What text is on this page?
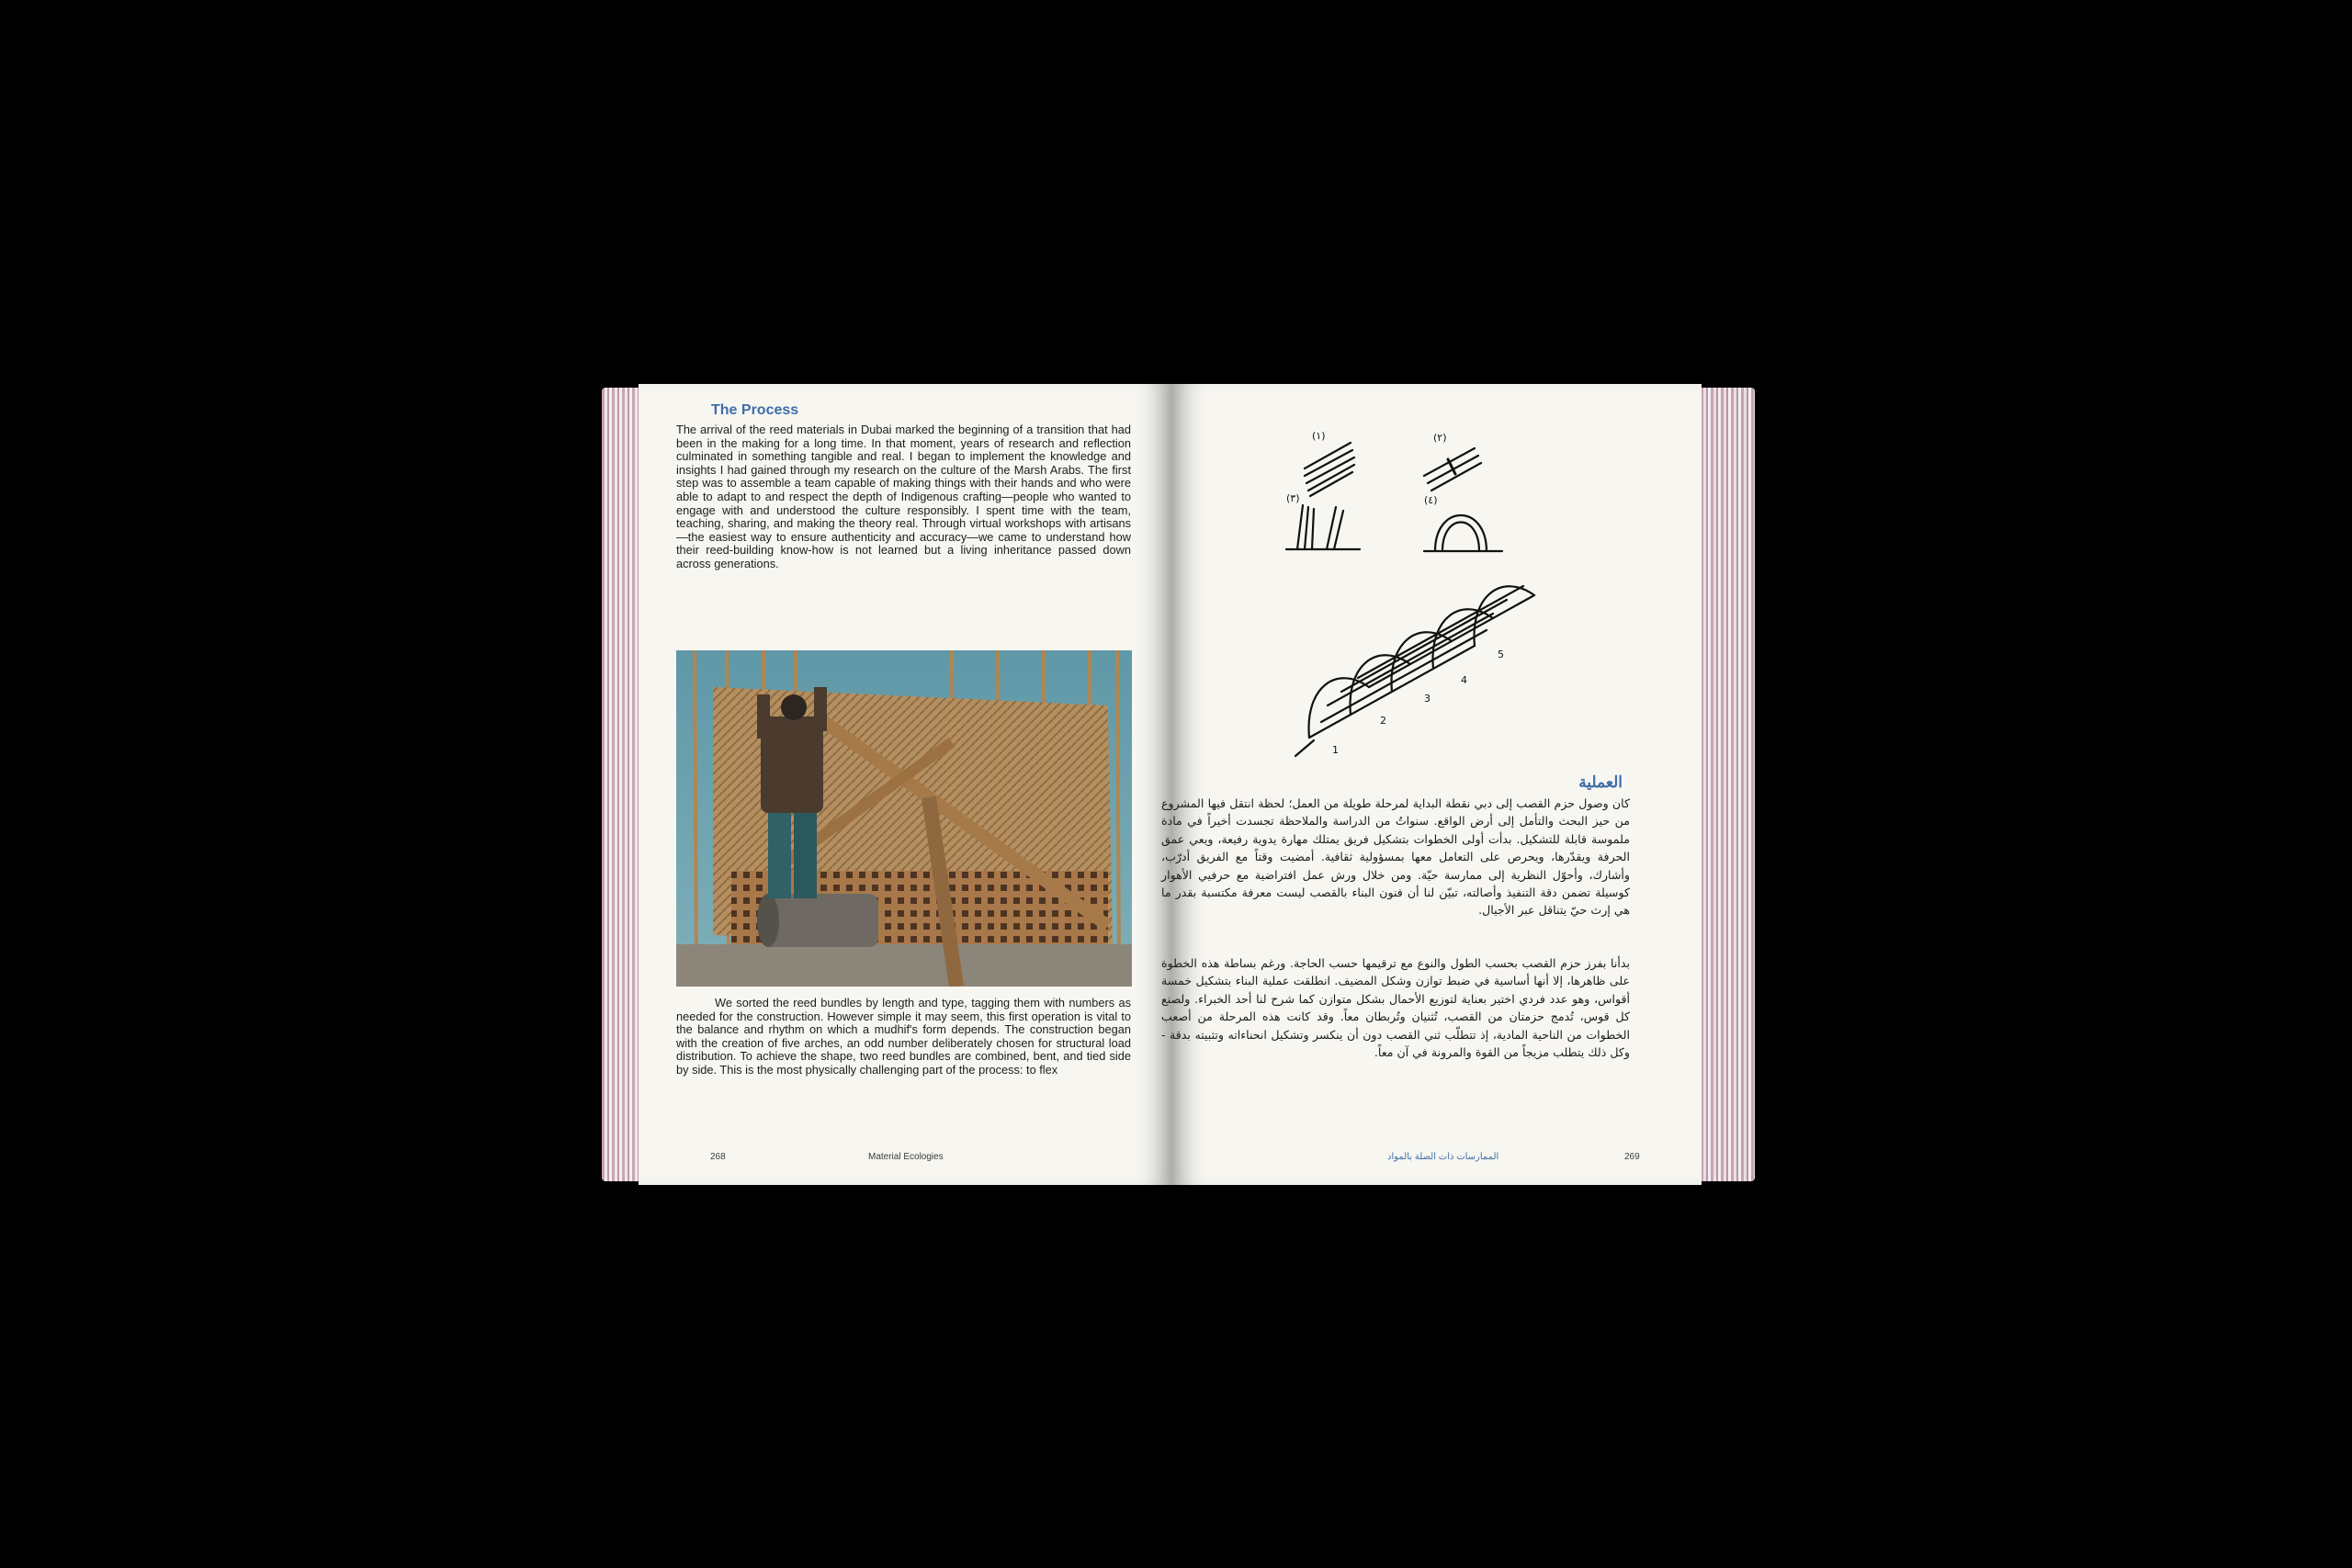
The Process

The arrival of the reed materials in Dubai marked the beginning of a transition that had been in the making for a long time. In that moment, years of research and reflection culminated in something tangible and real. I began to implement the knowledge and insights I had gained through my research on the culture of the Marsh Arabs. The first step was to assemble a team capable of making things with their hands and who were able to adapt to and respect the depth of Indigenous crafting—people who wanted to engage with and understood the culture responsibly. I spent time with the team, teaching, sharing, and making the theory real. Through virtual workshops with artisans—the easiest way to ensure authenticity and accuracy—we came to understand how their reed-building know-how is not learned but a living inheritance passed down across generations.

We sorted the reed bundles by length and type, tagging them with numbers as needed for the construction. However simple it may seem, this first operation is vital to the balance and rhythm on which a mudhif's form depends. The construction began with the creation of five arches, an odd number deliberately chosen for structural load distribution. To achieve the shape, two reed bundles are combined, bent, and tied side by side. This is the most physically challenging part of the process: to flex

268	Material Ecologies
(١)	(٢)
(٣)	(٤)
2
3
4
5
1
العملية

كان وصول حزم القصب إلى دبي نقطة البداية لمرحلة طويلة من العمل؛ لحظة انتقل فيها المشروع من حيز البحث والتأمل إلى أرض الواقع. سنواتٌ من الدراسة والملاحظة تجسدت أخيراً في مادة ملموسة قابلة للتشكيل. بدأت أولى الخطوات بتشكيل فريق يمتلك مهارة يدوية رفيعة، ويعي عمق الحرفة ويقدّرها، ويحرص على التعامل معها بمسؤولية ثقافية. أمضيت وقتاً مع الفريق أدرّب، وأشارك، وأحوّل النظرية إلى ممارسة حيّة. ومن خلال ورش عمل افتراضية مع حرفيي الأهوار كوسيلة تضمن دقة التنفيذ وأصالته، تبيّن لنا أن فنون البناء بالقصب ليست معرفة مكتسبة بقدر ما هي إرث حيّ يتناقل عبر الأجيال.

بدأنا بفرز حزم القصب بحسب الطول والنوع مع ترقيمها حسب الحاجة. ورغم بساطة هذه الخطوة على ظاهرها، إلا أنها أساسية في ضبط توازن وشكل المضيف. انطلقت عملية البناء بتشكيل خمسة أقواس، وهو عدد فردي اختير بعناية لتوزيع الأحمال بشكل متوازن كما شرح لنا أحد الخبراء. ولصنع كل قوس، تُدمج حزمتان من القصب، تُثنيان وتُربطان معاً. وقد كانت هذه المرحلة من أصعب الخطوات من الناحية المادية، إذ تتطلّب ثني القصب دون أن ينكسر وتشكيل انحناءاته وتثبيته بدقة - وكل ذلك يتطلب مزيجاً من القوة والمرونة في آن معاً.

الممارسات ذات الصلة بالمواد	269
